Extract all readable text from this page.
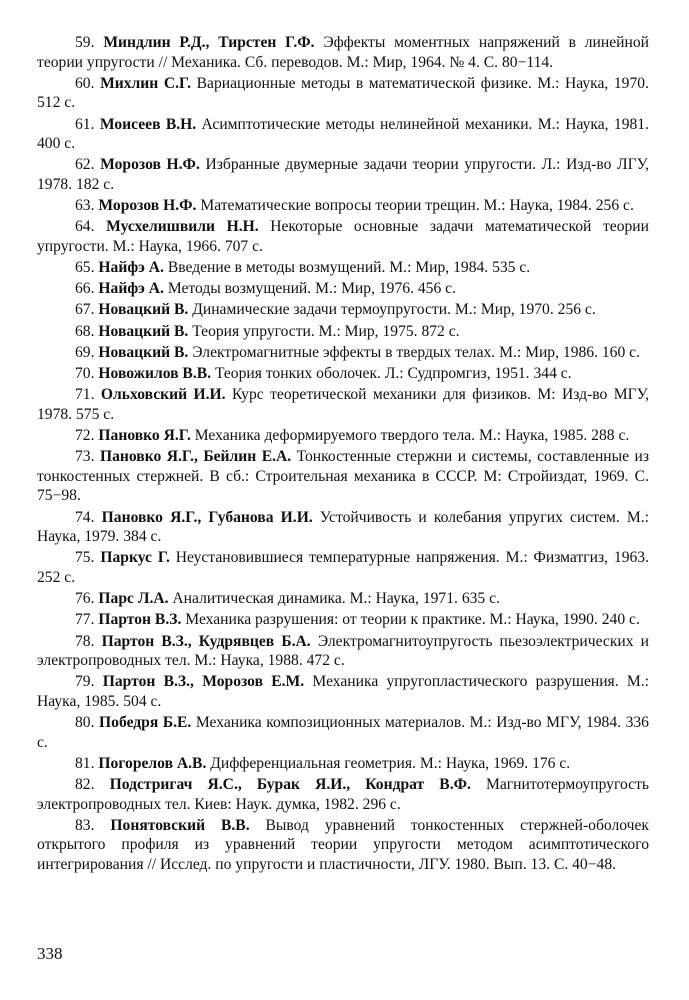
59. Миндлин Р.Д., Тирстен Г.Ф. Эффекты моментных напряжений в линейной теории упругости // Механика. Сб. переводов. М.: Мир, 1964. № 4. С. 80−114.

60. Михлин С.Г. Вариационные методы в математической физике. М.: Наука, 1970. 512 с.

61. Моисеев В.Н. Асимптотические методы нелинейной механики. М.: Наука, 1981. 400 с.

62. Морозов Н.Ф. Избранные двумерные задачи теории упругости. Л.: Изд-во ЛГУ, 1978. 182 с.

63. Морозов Н.Ф. Математические вопросы теории трещин. М.: Наука, 1984. 256 с.

64. Мусхелишвили Н.Н. Некоторые основные задачи математической теории упругости. М.: Наука, 1966. 707 с.

65. Найфэ А. Введение в методы возмущений. М.: Мир, 1984. 535 с.

66. Найфэ А. Методы возмущений. М.: Мир, 1976. 456 с.

67. Новацкий В. Динамические задачи термоупругости. М.: Мир, 1970. 256 с.

68. Новацкий В. Теория упругости. М.: Мир, 1975. 872 с.

69. Новацкий В. Электромагнитные эффекты в твердых телах. М.: Мир, 1986. 160 с.

70. Новожилов В.В. Теория тонких оболочек. Л.: Судпромгиз, 1951. 344 с.

71. Ольховский И.И. Курс теоретической механики для физиков. М: Изд-во МГУ, 1978. 575 с.

72. Пановко Я.Г. Механика деформируемого твердого тела. М.: Наука, 1985. 288 с.

73. Пановко Я.Г., Бейлин Е.А. Тонкостенные стержни и системы, составленные из тонкостенных стержней. В сб.: Строительная механика в СССР. М: Стройиздат, 1969. С. 75−98.

74. Пановко Я.Г., Губанова И.И. Устойчивость и колебания упругих систем. М.: Наука, 1979. 384 с.

75. Паркус Г. Неустановившиеся температурные напряжения. М.: Физматгиз, 1963. 252 с.

76. Парс Л.А. Аналитическая динамика. М.: Наука, 1971. 635 с.

77. Партон В.З. Механика разрушения: от теории к практике. М.: Наука, 1990. 240 с.

78. Партон В.З., Кудрявцев Б.А. Электромагнитоупругость пьезоэлектрических и электропроводных тел. М.: Наука, 1988. 472 с.

79. Партон В.З., Морозов Е.М. Механика упругопластического разрушения. М.: Наука, 1985. 504 с.

80. Победря Б.Е. Механика композиционных материалов. М.: Изд-во МГУ, 1984. 336 с.

81. Погорелов А.В. Дифференциальная геометрия. М.: Наука, 1969. 176 с.

82. Подстригач Я.С., Бурак Я.И., Кондрат В.Ф. Магнитотермоупругость электропроводных тел. Киев: Наук. думка, 1982. 296 с.

83. Понятовский В.В. Вывод уравнений тонкостенных стержней-оболочек открытого профиля из уравнений теории упругости методом асимптотического интегрирования // Исслед. по упругости и пластичности, ЛГУ. 1980. Вып. 13. С. 40−48.

338
